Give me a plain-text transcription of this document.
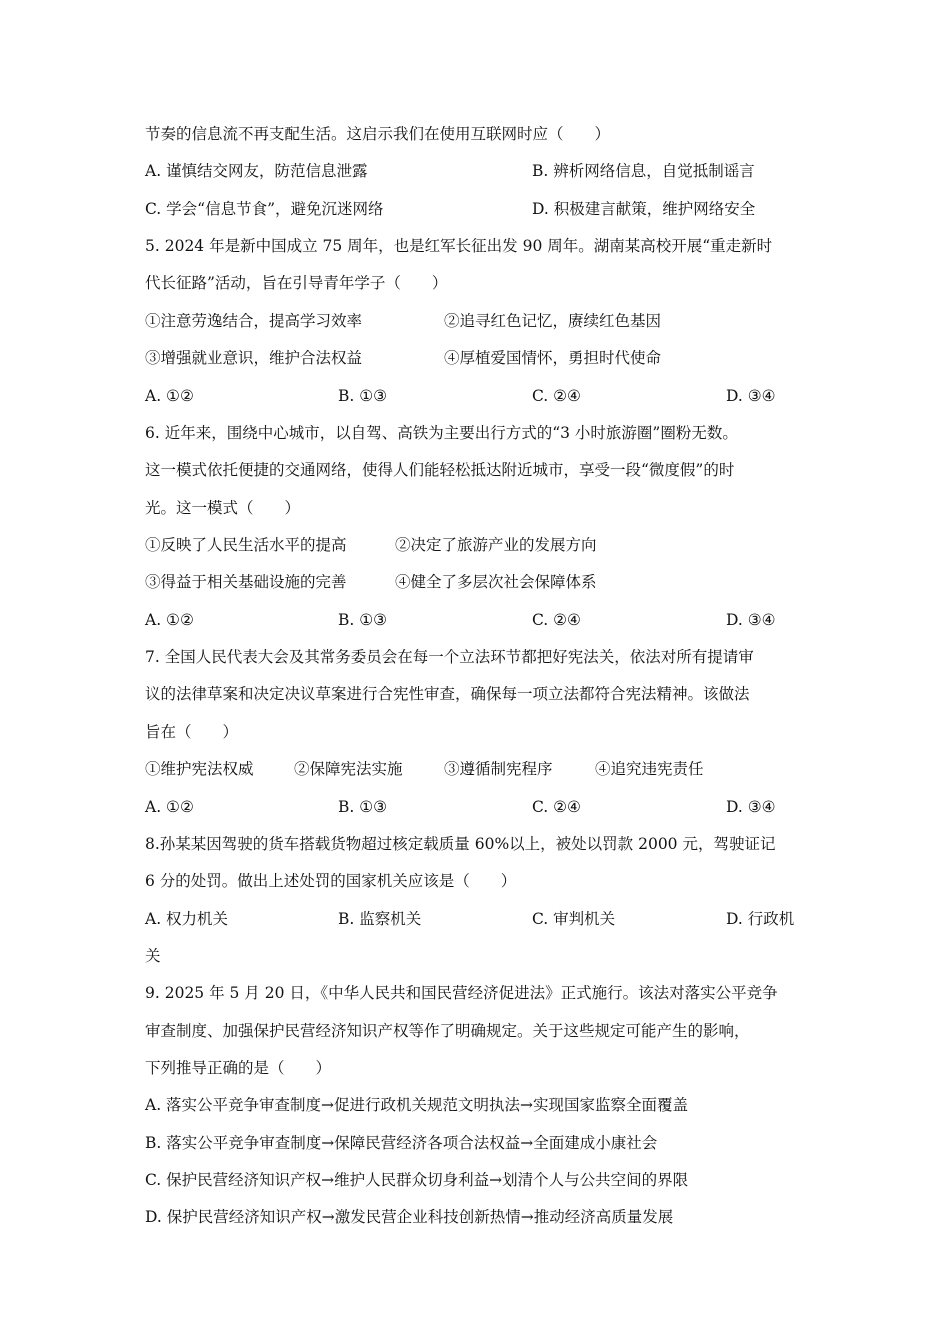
节奏的信息流不再支配生活。这启示我们在使用互联网时应（　　）
A. 谨慎结交网友，防范信息泄露	B. 辨析网络信息，自觉抵制谣言
C. 学会“信息节食”，避免沉迷网络	D. 积极建言献策，维护网络安全
5. 2024 年是新中国成立 75 周年，也是红军长征出发 90 周年。湖南某高校开展“重走新时
代长征路”活动，旨在引导青年学子（　　）
①注意劳逸结合，提高学习效率	②追寻红色记忆，赓续红色基因
③增强就业意识，维护合法权益	④厚植爱国情怀，勇担时代使命
A. ①②	B. ①③	C. ②④	D. ③④
6. 近年来，围绕中心城市，以自驾、高铁为主要出行方式的“3 小时旅游圈”圈粉无数。
这一模式依托便捷的交通网络，使得人们能轻松抵达附近城市，享受一段“微度假”的时
光。这一模式（　　）
①反映了人民生活水平的提高	②决定了旅游产业的发展方向
③得益于相关基础设施的完善	④健全了多层次社会保障体系
A. ①②	B. ①③	C. ②④	D. ③④
7. 全国人民代表大会及其常务委员会在每一个立法环节都把好宪法关，依法对所有提请审
议的法律草案和决定决议草案进行合宪性审查，确保每一项立法都符合宪法精神。该做法
旨在（　　）
①维护宪法权威	②保障宪法实施	③遵循制宪程序	④追究违宪责任
A. ①②	B. ①③	C. ②④	D. ③④
8.孙某某因驾驶的货车搭载货物超过核定载质量 60%以上，被处以罚款 2000 元，驾驶证记
6 分的处罚。做出上述处罚的国家机关应该是（　　）
A. 权力机关	B. 监察机关	C. 审判机关	D. 行政机
关
9. 2025 年 5 月 20 日，《中华人民共和国民营经济促进法》正式施行。该法对落实公平竞争
审查制度、加强保护民营经济知识产权等作了明确规定。关于这些规定可能产生的影响，
下列推导正确的是（　　）
A. 落实公平竞争审查制度→促进行政机关规范文明执法→实现国家监察全面覆盖
B. 落实公平竞争审查制度→保障民营经济各项合法权益→全面建成小康社会
C. 保护民营经济知识产权→维护人民群众切身利益→划清个人与公共空间的界限
D. 保护民营经济知识产权→激发民营企业科技创新热情→推动经济高质量发展
